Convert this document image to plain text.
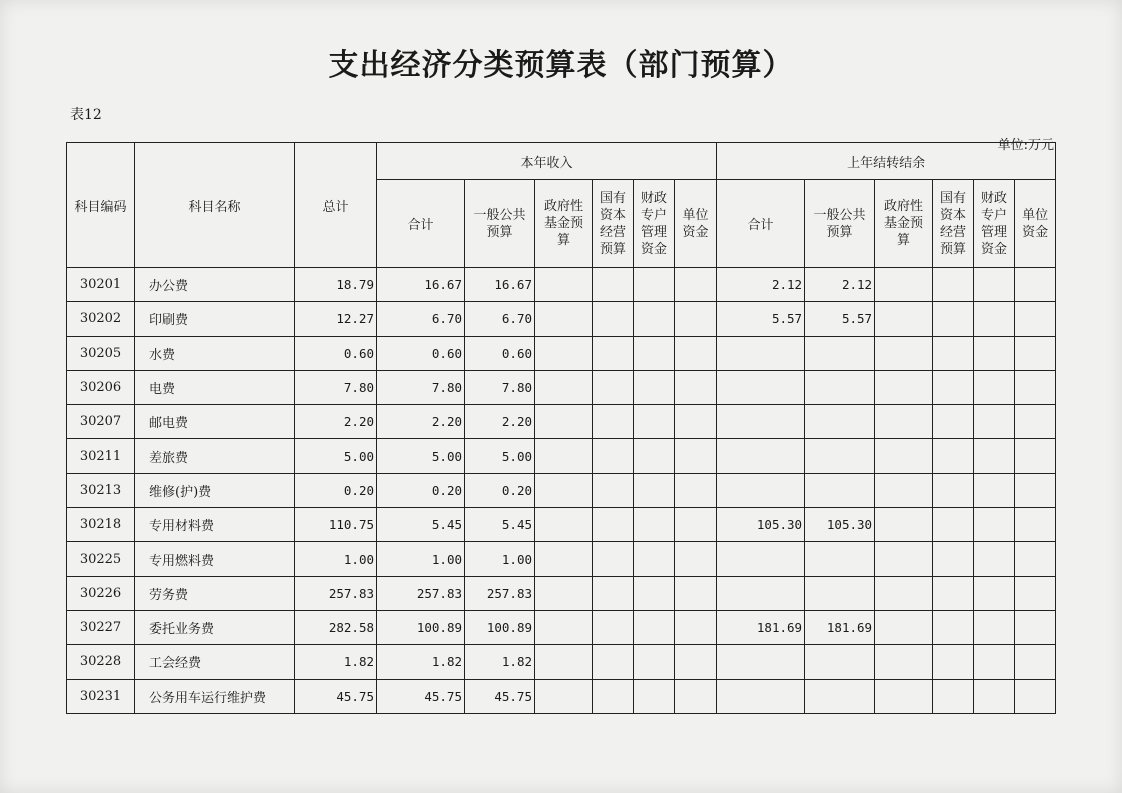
支出经济分类预算表（部门预算）
表12
单位:万元
科目编码	科目名称	总计	本年收入						上年结转结余					
			合计	一般公共预算	政府性基金预算	国有资本经营预算	财政专户管理资金	单位资金	合计	一般公共预算	政府性基金预算	国有资本经营预算	财政专户管理资金	单位资金
30201	办公费	18.79	16.67	16.67					2.12	2.12				
30202	印刷费	12.27	6.70	6.70					5.57	5.57				
30205	水费	0.60	0.60	0.60										
30206	电费	7.80	7.80	7.80										
30207	邮电费	2.20	2.20	2.20										
30211	差旅费	5.00	5.00	5.00										
30213	维修(护)费	0.20	0.20	0.20										
30218	专用材料费	110.75	5.45	5.45					105.30	105.30				
30225	专用燃料费	1.00	1.00	1.00										
30226	劳务费	257.83	257.83	257.83										
30227	委托业务费	282.58	100.89	100.89					181.69	181.69				
30228	工会经费	1.82	1.82	1.82										
30231	公务用车运行维护费	45.75	45.75	45.75										
